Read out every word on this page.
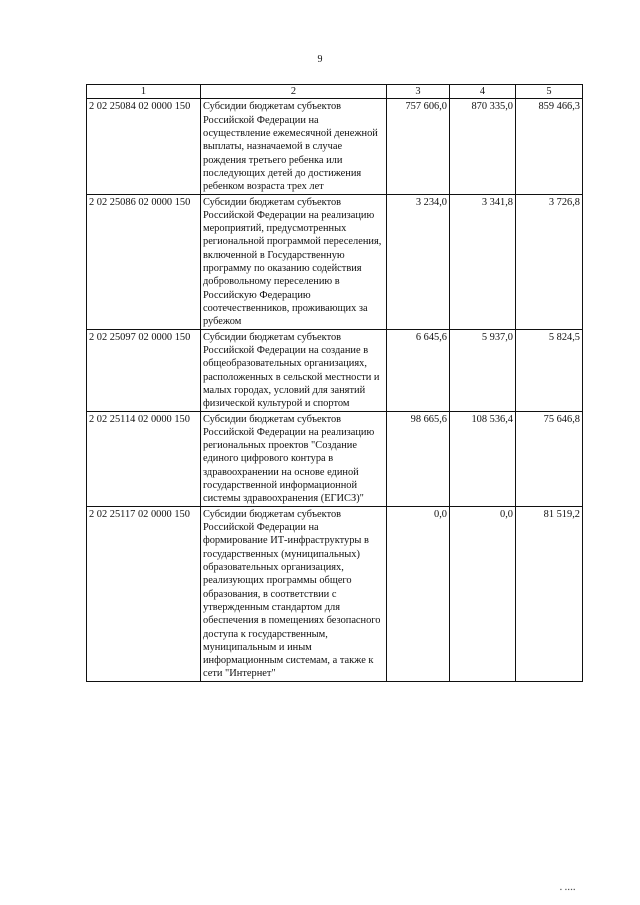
9
1	2	3	4	5
2 02 25084 02 0000 150	Субсидии бюджетам субъектов Российской Федерации на осуществление ежемесячной денежной выплаты, назначаемой в случае рождения третьего ребенка или последующих детей до достижения ребенком возраста трех лет	757 606,0	870 335,0	859 466,3
2 02 25086 02 0000 150	Субсидии бюджетам субъектов Российской Федерации на реализацию мероприятий, предусмотренных региональной программой переселения, включенной в Государственную программу по оказанию содействия добровольному переселению в Российскую Федерацию соотечественников, проживающих за рубежом	3 234,0	3 341,8	3 726,8
2 02 25097 02 0000 150	Субсидии бюджетам субъектов Российской Федерации на создание в общеобразовательных организациях, расположенных в сельской местности и малых городах, условий для занятий физической культурой и спортом	6 645,6	5 937,0	5 824,5
2 02 25114 02 0000 150	Субсидии бюджетам субъектов Российской Федерации на реализацию региональных проектов "Создание единого цифрового контура в здравоохранении на основе единой государственной информационной системы здравоохранения (ЕГИСЗ)"	98 665,6	108 536,4	75 646,8
2 02 25117 02 0000 150	Субсидии бюджетам субъектов Российской Федерации на формирование ИТ-инфраструктуры в государственных (муниципальных) образовательных организациях, реализующих программы общего образования, в соответствии с утвержденным стандартом для обеспечения в помещениях безопасного доступа к государственным, муниципальным и иным информационным системам, а также к сети "Интернет"	0,0	0,0	81 519,2
▪ ▪▪▪▪
